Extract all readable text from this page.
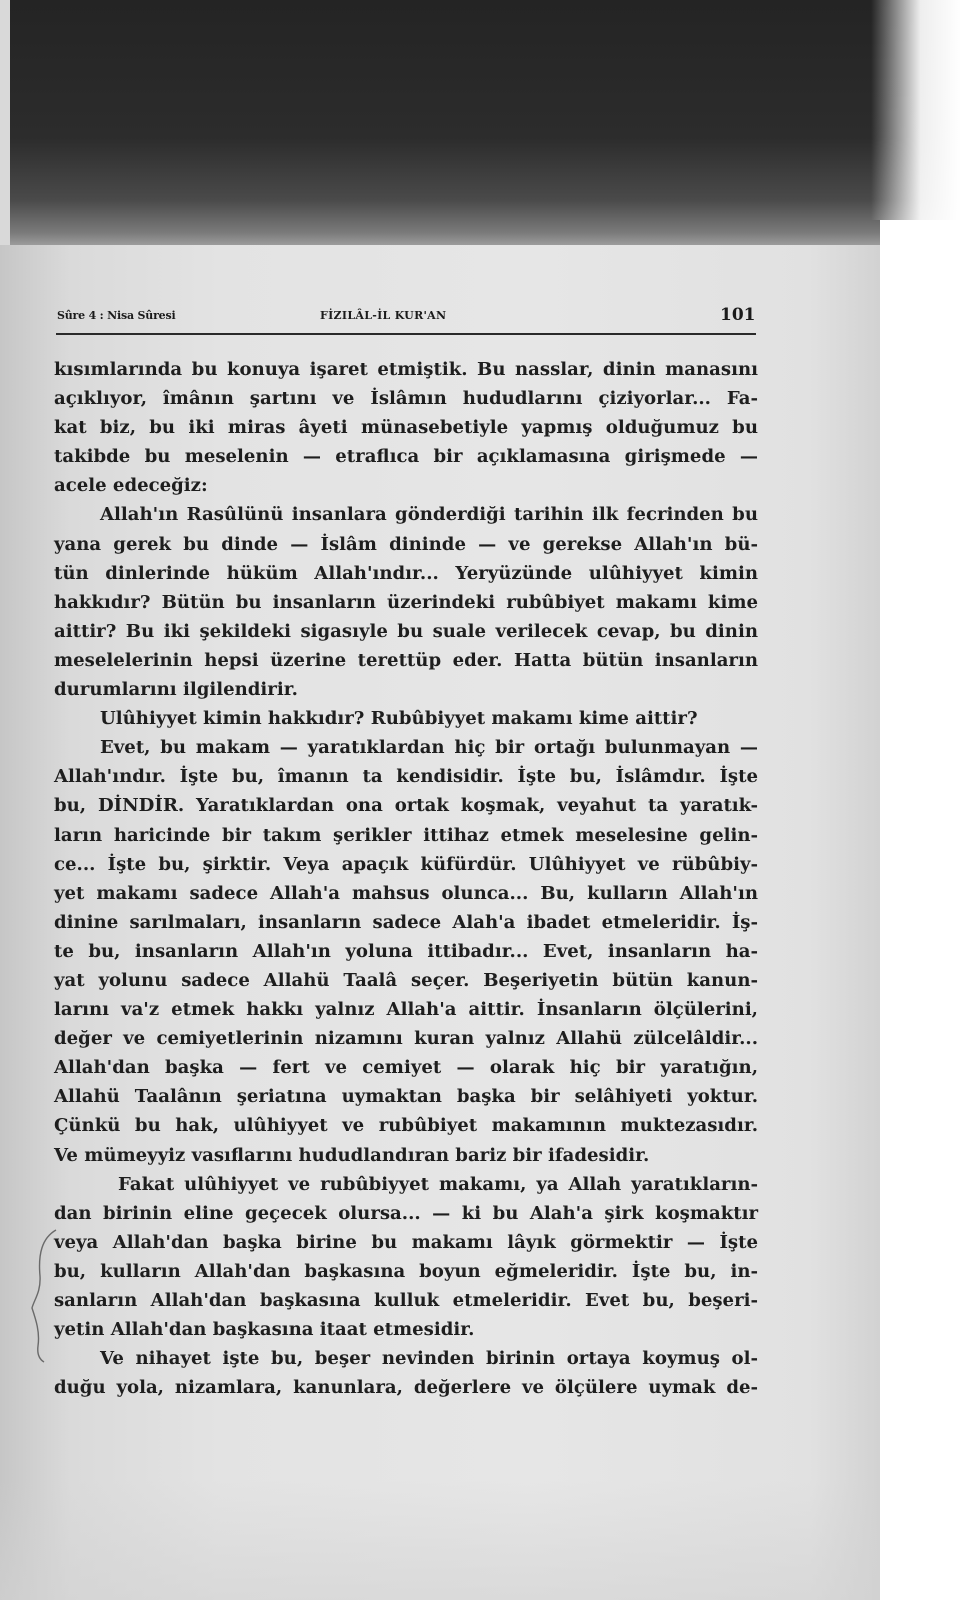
Sûre 4 : Nisa Sûresi	FİZILÂL-İL KUR'AN	101
kısımlarında bu konuya işaret etmiştik. Bu nasslar, dinin manasını
açıklıyor, îmânın şartını ve İslâmın hududlarını çiziyorlar... Fa-
kat biz, bu iki miras âyeti münasebetiyle yapmış olduğumuz bu
takibde bu meselenin — etraflıca bir açıklamasına girişmede —
acele edeceğiz:
Allah'ın Rasûlünü insanlara gönderdiği tarihin ilk fecrinden bu
yana gerek bu dinde — İslâm dininde — ve gerekse Allah'ın bü-
tün dinlerinde hüküm Allah'ındır... Yeryüzünde ulûhiyyet kimin
hakkıdır? Bütün bu insanların üzerindeki rubûbiyet makamı kime
aittir? Bu iki şekildeki sigasıyle bu suale verilecek cevap, bu dinin
meselelerinin hepsi üzerine terettüp eder. Hatta bütün insanların
durumlarını ilgilendirir.
Ulûhiyyet kimin hakkıdır? Rubûbiyyet makamı kime aittir?
Evet, bu makam — yaratıklardan hiç bir ortağı bulunmayan —
Allah'ındır. İşte bu, îmanın ta kendisidir. İşte bu, İslâmdır. İşte
bu, DİNDİR. Yaratıklardan ona ortak koşmak, veyahut ta yaratık-
ların haricinde bir takım şerikler ittihaz etmek meselesine gelin-
ce... İşte bu, şirktir. Veya apaçık küfürdür. Ulûhiyyet ve rübûbiy-
yet makamı sadece Allah'a mahsus olunca... Bu, kulların Allah'ın
dinine sarılmaları, insanların sadece Alah'a ibadet etmeleridir. İş-
te bu, insanların Allah'ın yoluna ittibadır... Evet, insanların ha-
yat yolunu sadece Allahü Taalâ seçer. Beşeriyetin bütün kanun-
larını va'z etmek hakkı yalnız Allah'a aittir. İnsanların ölçülerini,
değer ve cemiyetlerinin nizamını kuran yalnız Allahü zülcelâldir...
Allah'dan başka — fert ve cemiyet — olarak hiç bir yaratığın,
Allahü Taalânın şeriatına uymaktan başka bir selâhiyeti yoktur.
Çünkü bu hak, ulûhiyyet ve rubûbiyet makamının muktezasıdır.
Ve mümeyyiz vasıflarını hududlandıran bariz bir ifadesidir.
Fakat ulûhiyyet ve rubûbiyyet makamı, ya Allah yaratıkların-
dan birinin eline geçecek olursa... — ki bu Alah'a şirk koşmaktır
veya Allah'dan başka birine bu makamı lâyık görmektir — İşte
bu, kulların Allah'dan başkasına boyun eğmeleridir. İşte bu, in-
sanların Allah'dan başkasına kulluk etmeleridir. Evet bu, beşeri-
yetin Allah'dan başkasına itaat etmesidir.
Ve nihayet işte bu, beşer nevinden birinin ortaya koymuş ol-
duğu yola, nizamlara, kanunlara, değerlere ve ölçülere uymak de-
